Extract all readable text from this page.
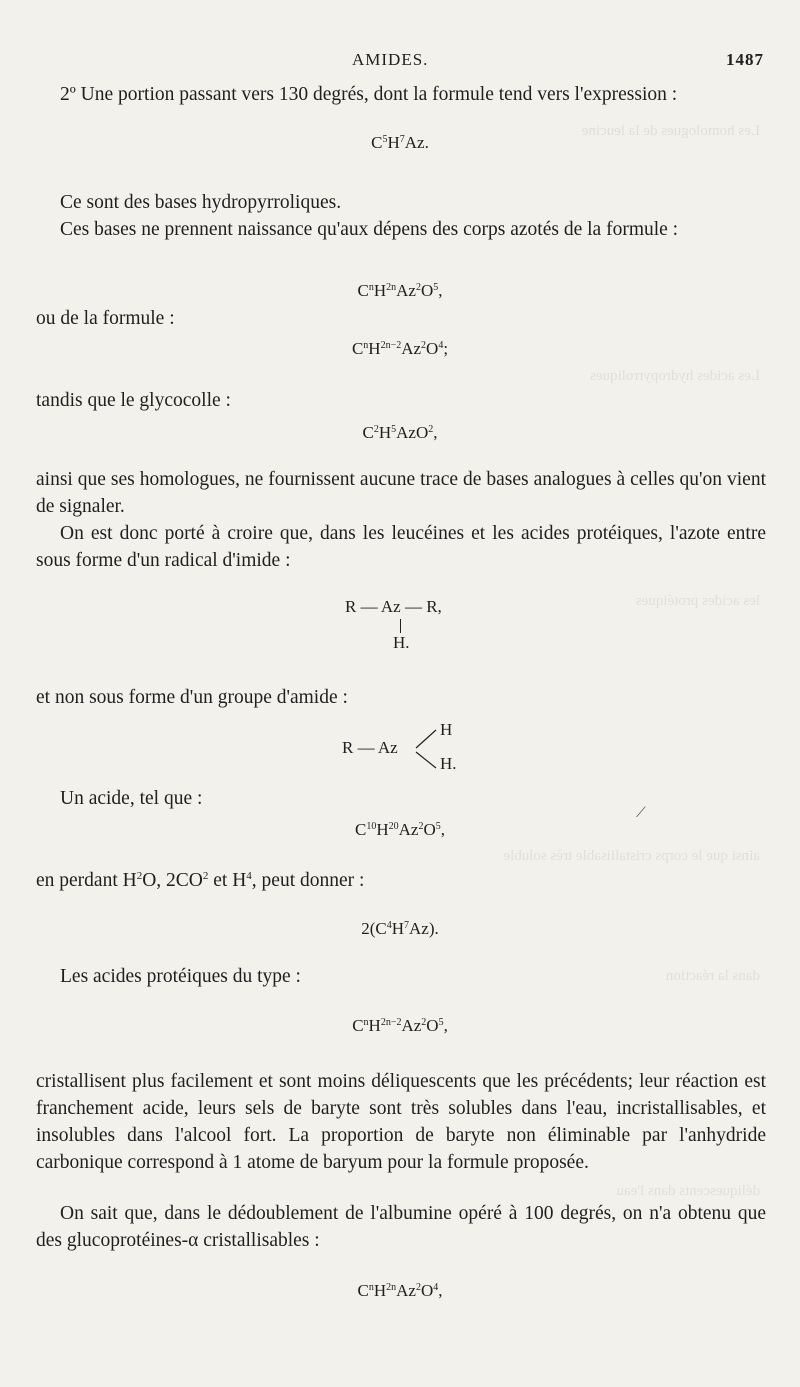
Les homologues de la leucine
Les acides hydropyrroliques
les acides protéiques
ainsi que le corps cristallisable très soluble
dans la réaction
déliquescents dans l'eau
AMIDES.	1487
2º Une portion passant vers 130 degrés, dont la formule tend vers l'expression :
$C^5H^7Az$.
Ce sont des bases hydropyrroliques.
Ces bases ne prennent naissance qu'aux dépens des corps azotés de la formule :
$C^nH^{2n}Az^2O^5$,
ou de la formule :
$C^nH^{2n-2}Az^2O^4$;
tandis que le glycocolle :
$C^2H^5AzO^2$,
ainsi que ses homologues, ne fournissent aucune trace de bases analogues à celles qu'on vient de signaler.
On est donc porté à croire que, dans les leucéines et les acides protéiques, l'azote entre sous forme d'un radical d'imide :
R — Az — R,
H.
et non sous forme d'un groupe d'amide :
R — Az
H
H.
Un acide, tel que :
$C^{10}H^{20}Az^2O^5$,
⟋
en perdant $H^2O$, $2CO^2$ et $H^4$, peut donner :
$2(C^4H^7Az)$.
Les acides protéiques du type :
$C^nH^{2n-2}Az^2O^5$,
cristallisent plus facilement et sont moins déliquescents que les précédents; leur réaction est franchement acide, leurs sels de baryte sont très solubles dans l'eau, incristallisables, et insolubles dans l'alcool fort. La proportion de baryte non éliminable par l'anhydride carbonique correspond à 1 atome de baryum pour la formule proposée.
On sait que, dans le dédoublement de l'albumine opéré à 100 degrés, on n'a obtenu que des glucoprotéines-α cristallisables :
$C^nH^{2n}Az^2O^4$,
